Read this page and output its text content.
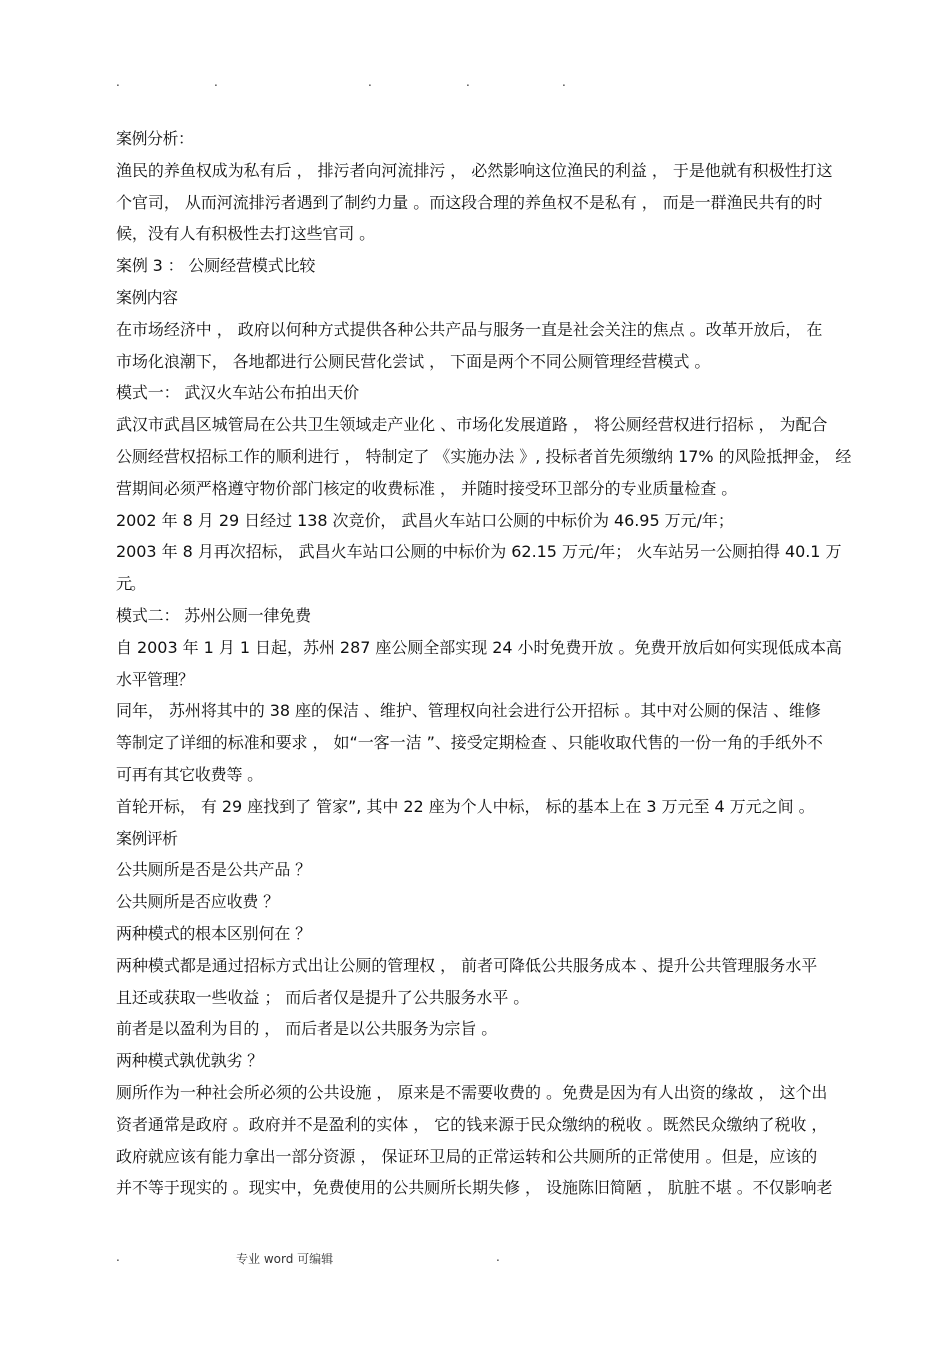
.	.	.	.	.
案例分析：
渔民的养鱼权成为私有后 ， 排污者向河流排污 ， 必然影响这位渔民的利益 ， 于是他就有积极性打这
个官司， 从而河流排污者遇到了制约力量 。而这段合理的养鱼权不是私有 ， 而是一群渔民共有的时
候，没有人有积极性去打这些官司 。
案例 3 ： 公厕经营模式比较
案例内容
在市场经济中 ， 政府以何种方式提供各种公共产品与服务一直是社会关注的焦点 。改革开放后， 在
市场化浪潮下， 各地都进行公厕民营化尝试 ， 下面是两个不同公厕管理经营模式 。
模式一： 武汉火车站公布拍出天价
武汉市武昌区城管局在公共卫生领域走产业化 、市场化发展道路 ， 将公厕经营权进行招标 ， 为配合
公厕经营权招标工作的顺利进行 ， 特制定了 《实施办法 》, 投标者首先须缴纳 17% 的风险抵押金， 经
营期间必须严格遵守物价部门核定的收费标准 ， 并随时接受环卫部分的专业质量检查 。
2002 年 8 月 29 日经过 138 次竞价， 武昌火车站口公厕的中标价为 46.95 万元/年；
2003 年 8 月再次招标， 武昌火车站口公厕的中标价为 62.15 万元/年； 火车站另一公厕拍得 40.1 万
元。
模式二： 苏州公厕一律免费
自 2003 年 1 月 1 日起，苏州 287 座公厕全部实现 24 小时免费开放 。免费开放后如何实现低成本高
水平管理？
同年， 苏州将其中的 38 座的保洁 、维护、管理权向社会进行公开招标 。其中对公厕的保洁 、维修
等制定了详细的标准和要求 ， 如“一客一洁 ”、接受定期检查 、只能收取代售的一份一角的手纸外不
可再有其它收费等 。
首轮开标， 有 29 座找到了 管家”, 其中 22 座为个人中标， 标的基本上在 3 万元至 4 万元之间 。
案例评析
公共厕所是否是公共产品 ？
公共厕所是否应收费 ？
两种模式的根本区别何在 ？
两种模式都是通过招标方式出让公厕的管理权 ， 前者可降低公共服务成本 、提升公共管理服务水平
且还或获取一些收益 ； 而后者仅是提升了公共服务水平 。
前者是以盈利为目的 ， 而后者是以公共服务为宗旨 。
两种模式孰优孰劣 ？
厕所作为一种社会所必须的公共设施 ， 原来是不需要收费的 。免费是因为有人出资的缘故 ， 这个出
资者通常是政府 。政府并不是盈利的实体 ， 它的钱来源于民众缴纳的税收 。既然民众缴纳了税收 ，
政府就应该有能力拿出一部分资源 ， 保证环卫局的正常运转和公共厕所的正常使用 。但是，应该的
并不等于现实的 。现实中，免费使用的公共厕所长期失修 ， 设施陈旧简陋 ， 肮脏不堪 。不仅影响老
.	专业 word 可编辑	.
